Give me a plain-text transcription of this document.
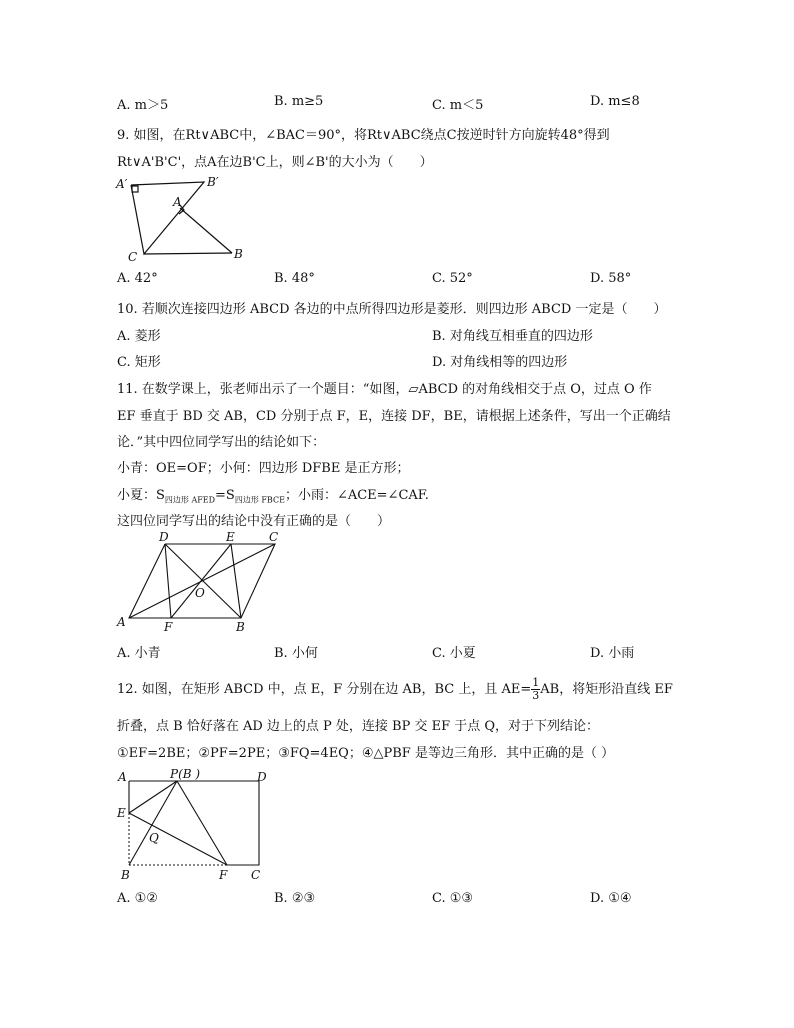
A. m＞5	B. m≥5	C. m＜5	D. m≤8
9. 如图，在Rt∨ABC中，∠BAC＝90°，将Rt∨ABC绕点C按逆时针方向旋转48°得到
Rt∨A'B'C'，点A在边B'C上，则∠B'的大小为（　　）
A′	B′
A
B
C
A. 42°	B. 48°	C. 52°	D. 58°
10. 若顺次连接四边形 ABCD 各边的中点所得四边形是菱形．则四边形 ABCD 一定是（　　）
A. 菱形	B. 对角线互相垂直的四边形
C. 矩形	D. 对角线相等的四边形
11. 在数学课上，张老师出示了一个题目：“如图，▱ABCD 的对角线相交于点 O，过点 O 作
EF 垂直于 BD 交 AB，CD 分别于点 F，E，连接 DF，BE，请根据上述条件，写出一个正确结
论．”其中四位同学写出的结论如下：
小青：OE=OF；小何：四边形 DFBE 是正方形；
小夏：$S_{四边形 AFED}=S_{四边形 FBCE}$；小雨：∠ACE=∠CAF.
这四位同学写出的结论中没有正确的是（　　）
D	E	C
O
A	F	B
A. 小青	B. 小何	C. 小夏	D. 小雨
12. 如图，在矩形 ABCD 中，点 E，F 分别在边 AB，BC 上，且 $AE= \frac{1}{3}$ AB，将矩形沿直线 EF
折叠，点 B 恰好落在 AD 边上的点 P 处，连接 BP 交 EF 于点 Q，对于下列结论：
①EF=2BE；②PF=2PE；③FQ=4EQ；④△PBF 是等边三角形．其中正确的是（ ）
A	P(B )	D
E
Q
B	F C
A. ①②	B. ②③	C. ①③	D. ①④
